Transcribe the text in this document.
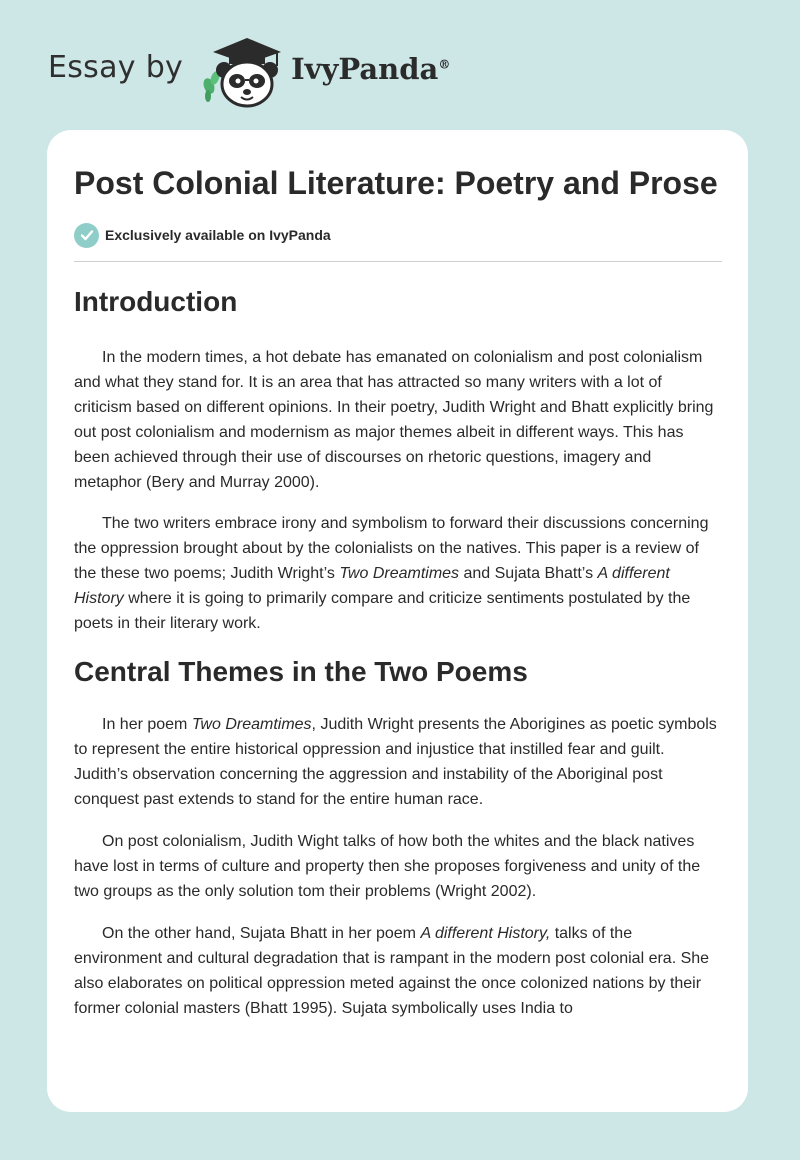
Essay by	IvyPanda®
Post Colonial Literature: Poetry and Prose
Exclusively available on IvyPanda
Introduction

In the modern times, a hot debate has emanated on colonialism and post colonialism and what they stand for. It is an area that has attracted so many writers with a lot of criticism based on different opinions. In their poetry, Judith Wright and Bhatt explicitly bring out post colonialism and modernism as major themes albeit in different ways. This has been achieved through their use of discourses on rhetoric questions, imagery and metaphor (Bery and Murray 2000).

The two writers embrace irony and symbolism to forward their discussions concerning the oppression brought about by the colonialists on the natives. This paper is a review of the these two poems; Judith Wright’s Two Dreamtimes and Sujata Bhatt’s A different History where it is going to primarily compare and criticize sentiments postulated by the poets in their literary work.

Central Themes in the Two Poems

In her poem Two Dreamtimes, Judith Wright presents the Aborigines as poetic symbols to represent the entire historical oppression and injustice that instilled fear and guilt. Judith’s observation concerning the aggression and instability of the Aboriginal post conquest past extends to stand for the entire human race.

On post colonialism, Judith Wight talks of how both the whites and the black natives have lost in terms of culture and property then she proposes forgiveness and unity of the two groups as the only solution tom their problems (Wright 2002).

On the other hand, Sujata Bhatt in her poem A different History, talks of the environment and cultural degradation that is rampant in the modern post colonial era. She also elaborates on political oppression meted against the once colonized nations by their former colonial masters (Bhatt 1995). Sujata symbolically uses India to
